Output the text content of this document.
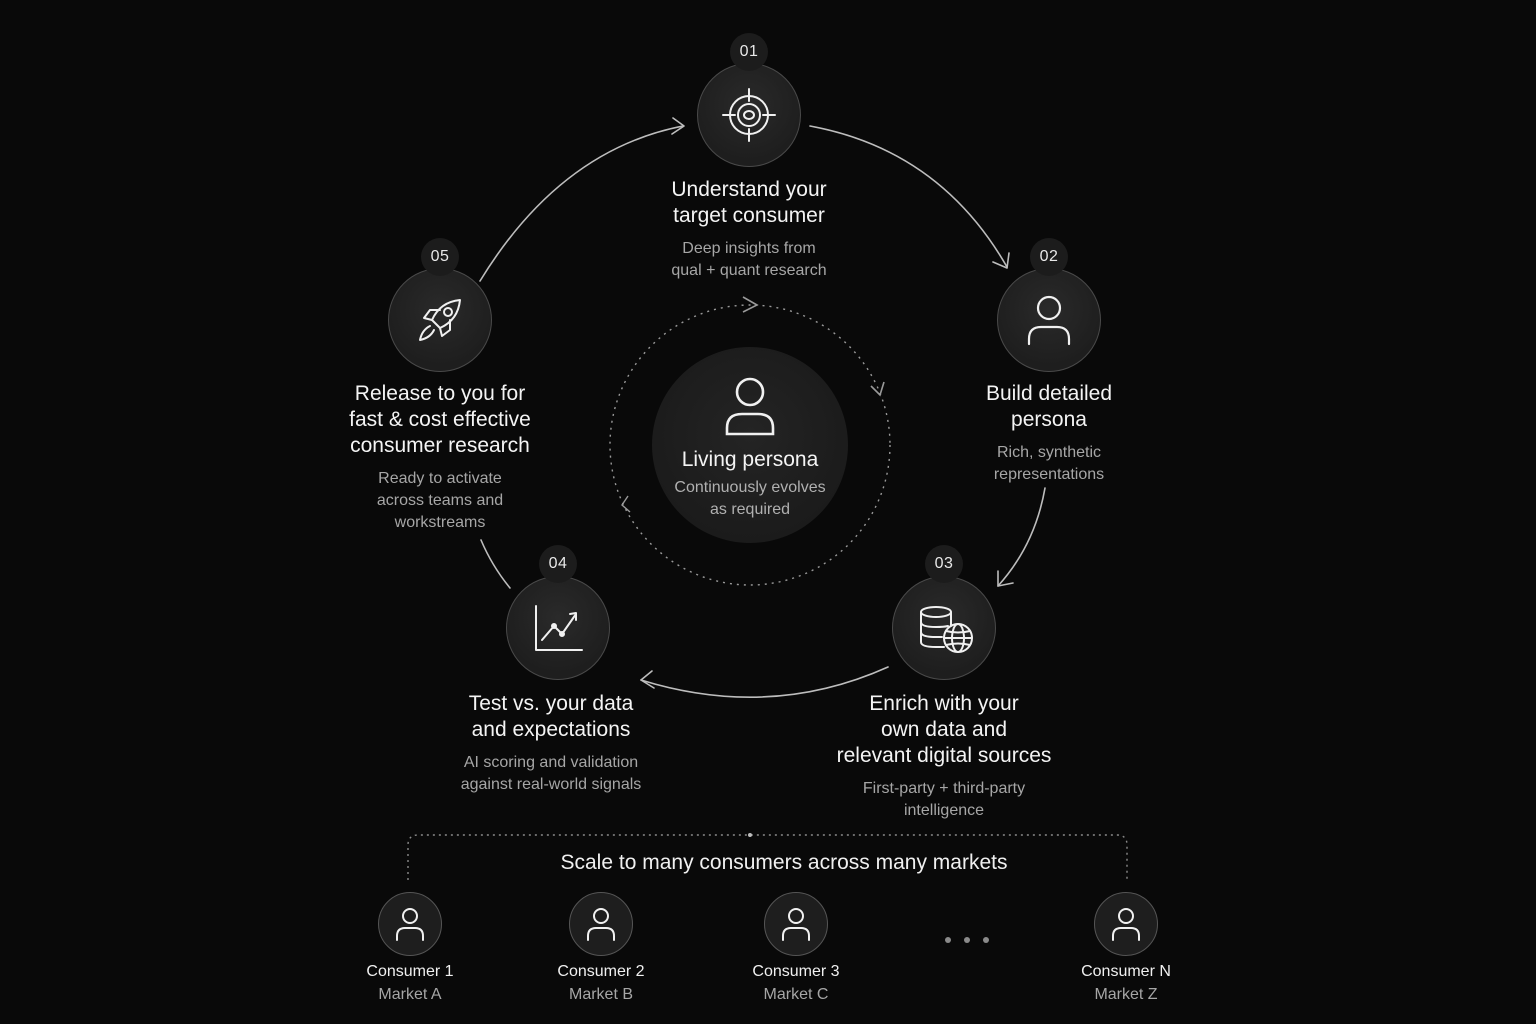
Living persona
Continuously evolves
as required
01
Understand your
target consumer
Deep insights from
qual + quant research
02
Build detailed
persona
Rich, synthetic
representations
03
Enrich with your
own data and
relevant digital sources
First-party + third-party
intelligence
04
Test vs. your data
and expectations
AI scoring and validation
against real-world signals
05
Release to you for
fast & cost effective
consumer research
Ready to activate
across teams and
workstreams
Scale to many consumers across many markets
Consumer 1
Market A
Consumer 2
Market B
Consumer 3
Market C
Consumer N
Market Z
